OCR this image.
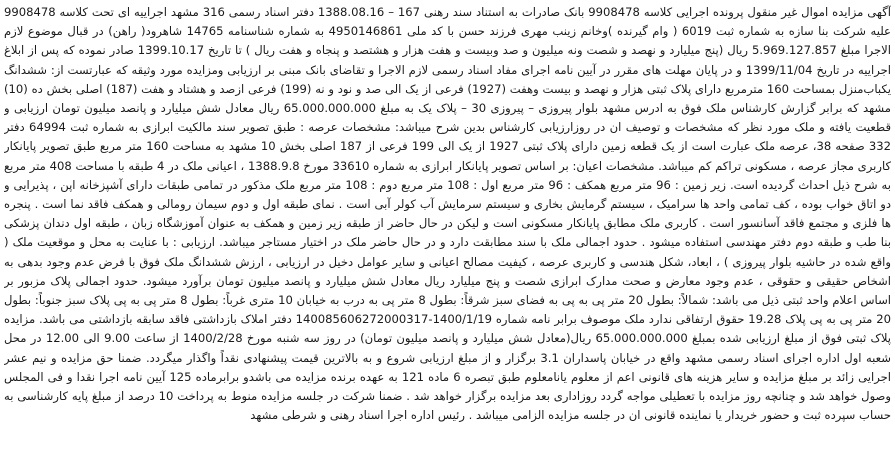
آگهی مزایده اموال غیر منقول پرونده اجرایی کلاسه 9908478 بانک صادرات به استناد سند رهنی 167 – 1388.08.16 دفتر اسناد رسمی 316 مشهد اجراییه ای تحت کلاسه 9908478 علیه شرکت بنا سازه به شماره ثبت 6019 ( وام گیرنده )وخانم زینب مهری فرزند حسن با کد ملی 4950146861 به شماره شناسنامه 14765 شاهرود( راهن) در قبال موضوع لازم الاجرا مبلغ 5.969.127.857 ریال (پنج میلیارد و نهصد و شصت ونه میلیون و صد وبیست و هفت هزار و هشتصد و پنجاه و هفت ریال ) تا تاریخ 1399.10.17 صادر نموده که پس از ابلاغ اجراییه در تاریخ 1399/11/04 و در پایان مهلت های مقرر در آیین نامه اجرای مفاد اسناد رسمی لازم الاجرا و تقاضای بانک مبنی بر ارزیابی ومزایده مورد وثیقه که عبارتست از: ششدانگ یکباب‌منزل بمساحت 160 مترمربع دارای پلاک ثبتی هزار و نهصد و بیست وهفت (1927) فرعی از یک الی صد و نود و نه (199) فرعی ازصد و هشتاد و هفت (187) اصلی بخش ده (10) مشهد که برابر گزارش کارشناس ملک فوق به ادرس مشهد بلوار پیروزی – پیروزی 30 – پلاک یک به مبلغ 65.000.000.000 ریال معادل شش میلیارد و پانصد میلیون تومان ارزیابی و قطعیت یافته و ملک مورد نظر که مشخصات و توصیف ان در روزارزیابی کارشناس بدین شرح میباشد: مشخصات عرصه : طبق تصویر سند مالکیت ابرازی به شماره ثبت 64994 دفتر 332 صفحه 38، عرصه ملک عبارت است از یک قطعه زمین دارای پلاک ثبتی 1927 از یک الی 199 فرعی از 187 اصلی بخش 10 مشهد به مساحت 160 متر مربع طبق تصویر پایانکار کاربری مجاز عرصه ، مسکونی تراکم کم میباشد. مشخصات اعیان: بر اساس تصویر پایانکار ابرازی به شماره 33610 مورخ 1388.9.8 ، اعیانی ملک در 4 طبقه با مساحت 408 متر مربع به شرح ذیل احداث گردیده است. زیر زمین : 96 متر مربع همکف : 96 متر مربع اول : 108 متر مربع دوم : 108 متر مربع ملک مذکور در تمامی طبقات دارای آشپزخانه اپن ، پذیرایی و دو اتاق خواب بوده ، کف تمامی واحد ها سرامیک ، سیستم گرمایش بخاری و سیستم سرمایش آب کولر آبی است . نمای طبقه اول و دوم سیمان رومالی و همکف فاقد نما است . پنجره ها فلزی و مجتمع فاقد آسانسور است . کاربری ملک مطابق پایانکار مسکونی است و لیکن در حال حاضر از طبقه زیر زمین و همکف به عنوان آموزشگاه زبان ، طبقه اول دندان پزشکی بنا طب و طبقه دوم دفتر مهندسی استفاده میشود . حدود اجمالی ملک با سند مطابقت دارد و در حال حاضر ملک در اختیار مستاجر میباشد. ارزیابی : با عنایت به محل و موقعیت ملک ( واقع شده در حاشیه بلوار پیروزی ) ، ابعاد، شکل هندسی و کاربری عرصه ، کیفیت مصالح اعیانی و سایر عوامل دخیل در ارزیابی ، ارزش ششدانگ ملک فوق با فرض عدم وجود بدهی به اشخاص حقیقی و حقوقی ، عدم وجود معارض و صحت مدارک ابرازی شصت و پنج میلیارد ریال معادل شش میلیارد و پانصد میلیون تومان برآورد میشود. حدود اجمالی پلاک مزبور بر اساس اعلام واحد ثبتی ذیل می باشد: شمالاً: بطول 20 متر پی به پی به فضای سبز شرقاً: بطول 8 متر پی به درب به خیابان 10 متری غرباً: بطول 8 متر پی به پی پلاک سبز جنوباً: بطول 20 متر پی به پی پلاک 19.28 حقوق ارتفاقی ندارد ملک موصوف برابر نامه شماره 1400/1/19-140085606272000317 دفتر املاک بازداشتی فاقد سابقه بازداشتی می باشد. مزایده پلاک ثبتی فوق از مبلغ ارزیابی شده بمبلغ 65.000.000.000 ریال(معادل شش میلیارد و پانصد میلیون تومان) در روز سه شنبه مورخ 1400/2/28 از ساعت 9.00 الی 12.00 در محل شعبه اول اداره اجرای اسناد رسمی مشهد واقع در خیابان پاسداران 3.1 برگزار و از مبلغ ارزیابی شروع و به بالاترین قیمت پیشنهادی نقداً واگذار میگردد. ضمنا حق مزایده و نیم عشر اجرایی زائد بر مبلغ مزایده و سایر هزینه های قانونی اعم از معلوم یانامعلوم طبق تبصره 6 ماده 121 به عهده برنده مزایده می باشدو برابرماده 125 آیین نامه اجرا نقدا و فی المجلس وصول خواهد شد و چنانچه روز مزایده با تعطیلی مواجه گردد روزاداری بعد مزایده برگزار خواهد شد . ضمنا شرکت در جلسه مزایده منوط به پرداخت 10 درصد از مبلغ پایه کارشناسی به حساب سپرده ثبت و حضور خریدار یا نماینده قانونی ان در جلسه مزایده الزامی میباشد . رئیس اداره اجرا اسناد رهنی و شرطی مشهد
